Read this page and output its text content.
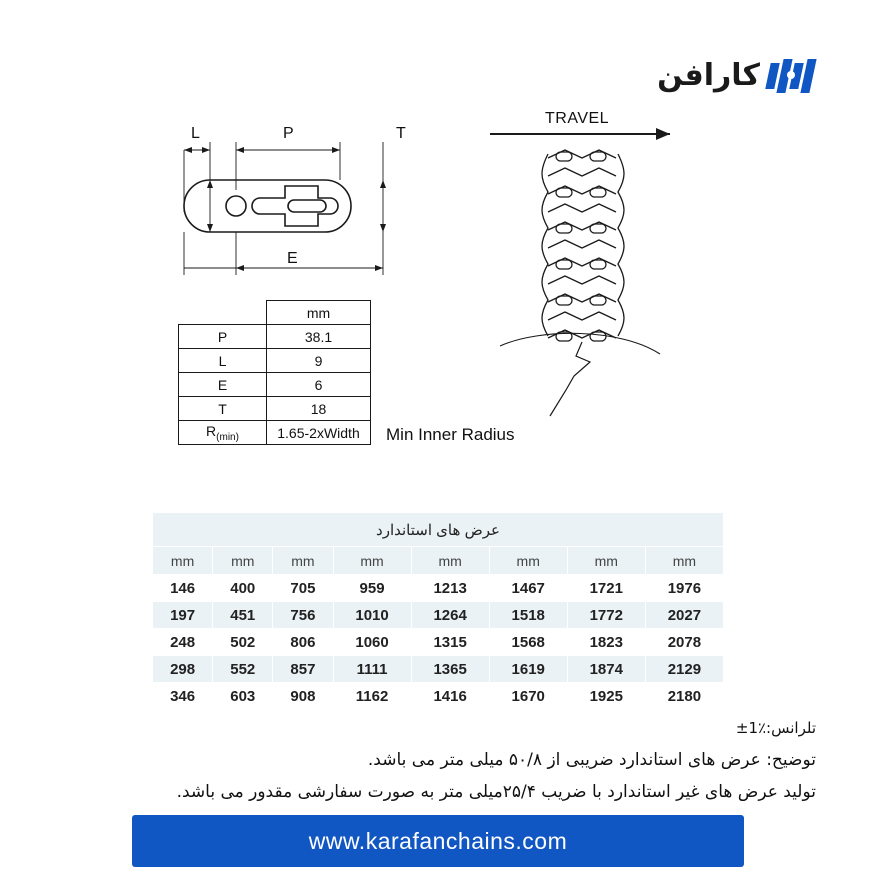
کارافن
L	P	T
E
	mm
P	38.1
L	9
E	6
T	18
$R_{(min)}$	1.65-2xWidth
TRAVEL
Min Inner Radius
عرض های استاندارد							
mm	mm	mm	mm	mm	mm	mm	mm
146	400	705	959	1213	1467	1721	1976
197	451	756	1010	1264	1518	1772	2027
248	502	806	1060	1315	1568	1823	2078
298	552	857	1111	1365	1619	1874	2129
346	603	908	1162	1416	1670	1925	2180
تلرانس:٪1±
توضیح: عرض های استاندارد ضریبی از ۵۰/۸ میلی متر می باشد.
تولید عرض های غیر استاندارد با ضریب ۲۵/۴میلی متر به صورت سفارشی مقدور می باشد.
www.karafanchains.com
